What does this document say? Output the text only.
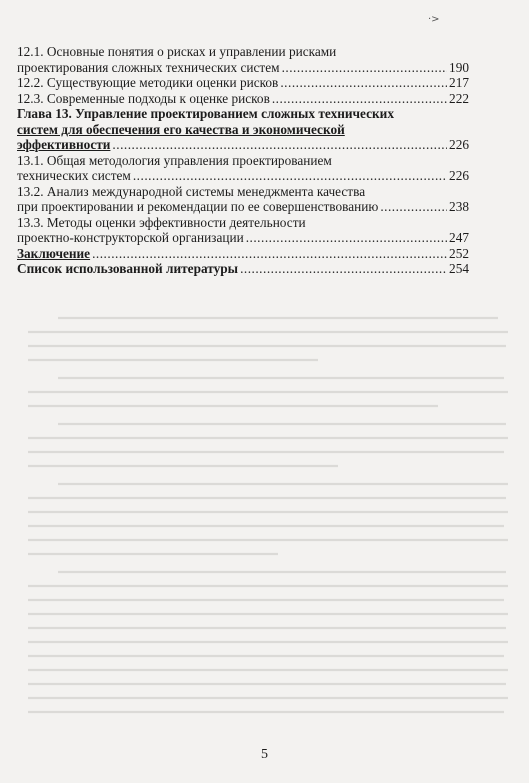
·>
12.1. Основные понятия о рисках и управлении рисками
проектирования сложных технических систем .....	190
12.2. Существующие методики оценки рисков .....	217
12.3. Современные подходы к оценке рисков .....	222
Глава 13. Управление проектированием сложных технических
систем для обеспечения его качества и экономической
эффективности .....	226
13.1. Общая методология управления проектированием
технических систем .....	226
13.2. Анализ международной системы менеджмента качества
при проектировании и рекомендации по ее совершенствованию .....	238
13.3. Методы оценки эффективности деятельности
проектно-конструкторской организации .....	247
Заключение .....	252
Список использованной литературы .....	254
5
